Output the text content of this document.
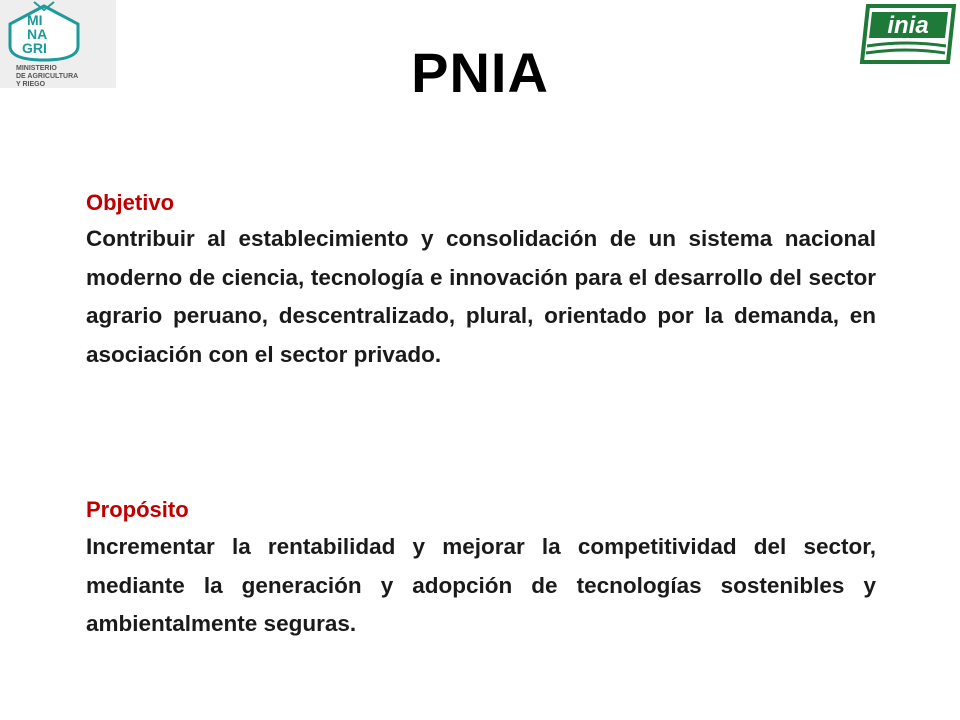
MI
NA
GRI
MINISTERIO
DE AGRICULTURA
Y RIEGO
inia
PNIA
Objetivo
Contribuir al establecimiento y consolidación de un sistema nacional moderno de ciencia, tecnología e innovación para el desarrollo del sector agrario peruano, descentralizado, plural, orientado por la demanda, en asociación con el sector privado.
Propósito
Incrementar la rentabilidad y mejorar la competitividad del sector, mediante la generación y adopción de tecnologías sostenibles y ambientalmente seguras.
